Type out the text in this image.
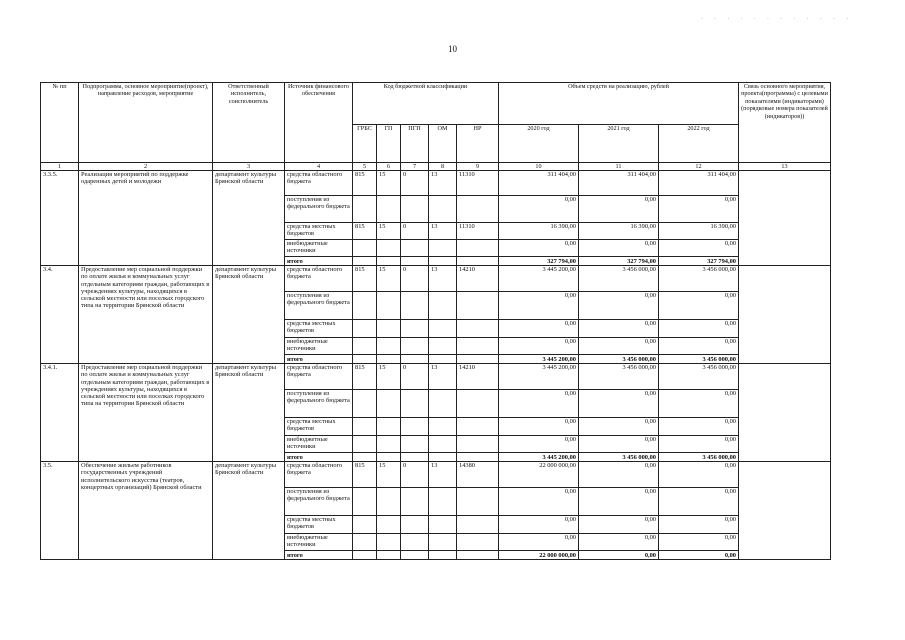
. . . . . . . . . . . .
10
№ пп	Подпрограмма, основное мероприятие(проект), направление расходов, мероприятие	Ответственный исполнитель, соисполнитель	Источник финансового обеспечения	Код бюджетной классификации					Объем средств на реализацию, рублей			Связь основного мероприятия, проекта(программы) с целевыми показателями (индикаторами) (порядковые номера показателей (индикаторов))
				ГРБС	ГП	ПГП	ОМ	НР	2020 год	2021 год	2022 год	
1	2	3	4	5	6	7	8	9	10	11	12	13
3.3.5.	Реализация мероприятий по поддержке одаренных детей и молодежи	департамент культуры Брянской области	средства областного бюджета	815	15	0	13	11310	311 404,00	311 404,00	311 404,00	
			поступления из федерального бюджета						0,00	0,00	0,00	
			средства местных бюджетов	815	15	0	13	11310	16 390,00	16 390,00	16 390,00	
			внебюджетные источники						0,00	0,00	0,00	
			итого						327 794,00	327 794,00	327 794,00	
3.4.	Предоставление мер социальной поддержки по оплате жилья и коммунальных услуг отдельным категориям граждан, работающих в учреждениях культуры, находящихся в сельской местности или поселках городского типа на территории Брянской области	департамент культуры Брянской области	средства областного бюджета	815	15	0	13	14210	3 445 200,00	3 456 000,00	3 456 000,00	
			поступления из федерального бюджета						0,00	0,00	0,00	
			средства местных бюджетов						0,00	0,00	0,00	
			внебюджетные источники						0,00	0,00	0,00	
			итого						3 445 200,00	3 456 000,00	3 456 000,00	
3.4.1.	Предоставление мер социальной поддержки по оплате жилья и коммунальных услуг отдельным категориям граждан, работающих в учреждениях культуры, находящихся в сельской местности или поселках городского типа на территории Брянской области	департамент культуры Брянской области	средства областного бюджета	815	15	0	13	14210	3 445 200,00	3 456 000,00	3 456 000,00	
			поступления из федерального бюджета						0,00	0,00	0,00	
			средства местных бюджетов						0,00	0,00	0,00	
			внебюджетные источники						0,00	0,00	0,00	
			итого						3 445 200,00	3 456 000,00	3 456 000,00	
3.5.	Обеспечение жильем работников государственных учреждений исполнительского искусства (театров, концертных организаций) Брянской области	департамент культуры Брянской области	средства областного бюджета	815	15	0	13	14380	22 000 000,00	0,00	0,00	
			поступления из федерального бюджета						0,00	0,00	0,00	
			средства местных бюджетов						0,00	0,00	0,00	
			внебюджетные источники						0,00	0,00	0,00	
			итого						22 000 000,00	0,00	0,00	
